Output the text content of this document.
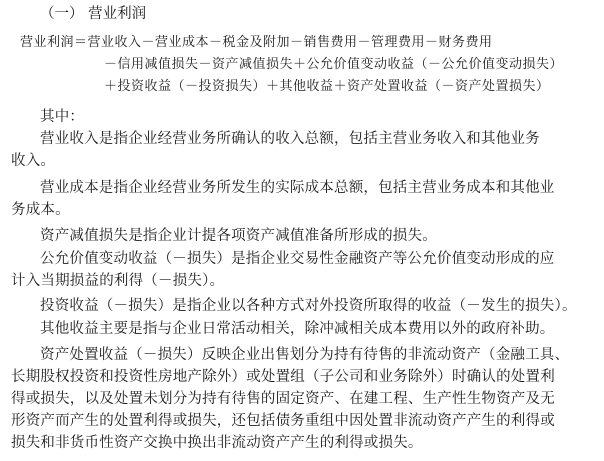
（一） 营业利润
营业利润＝营业收入－营业成本－税金及附加－销售费用－管理费用－财务费用
－信用减值损失－资产减值损失＋公允价值变动收益（－公允价值变动损失）
＋投资收益（－投资损失）＋其他收益＋资产处置收益（－资产处置损失）
其中：
营业收入是指企业经营业务所确认的收入总额，包括主营业务收入和其他业务
收入。
营业成本是指企业经营业务所发生的实际成本总额，包括主营业务成本和其他业
务成本。
资产减值损失是指企业计提各项资产减值准备所形成的损失。
公允价值变动收益（－损失）是指企业交易性金融资产等公允价值变动形成的应
计入当期损益的利得（－损失）。
投资收益（－损失）是指企业以各种方式对外投资所取得的收益（－发生的损失）。
其他收益主要是指与企业日常活动相关，除冲减相关成本费用以外的政府补助。
资产处置收益（－损失）反映企业出售划分为持有待售的非流动资产（金融工具、
长期股权投资和投资性房地产除外）或处置组（子公司和业务除外）时确认的处置利
得或损失，以及处置未划分为持有待售的固定资产、在建工程、生产性生物资产及无
形资产而产生的处置利得或损失，还包括债务重组中因处置非流动资产产生的利得或
损失和非货币性资产交换中换出非流动资产产生的利得或损失。
